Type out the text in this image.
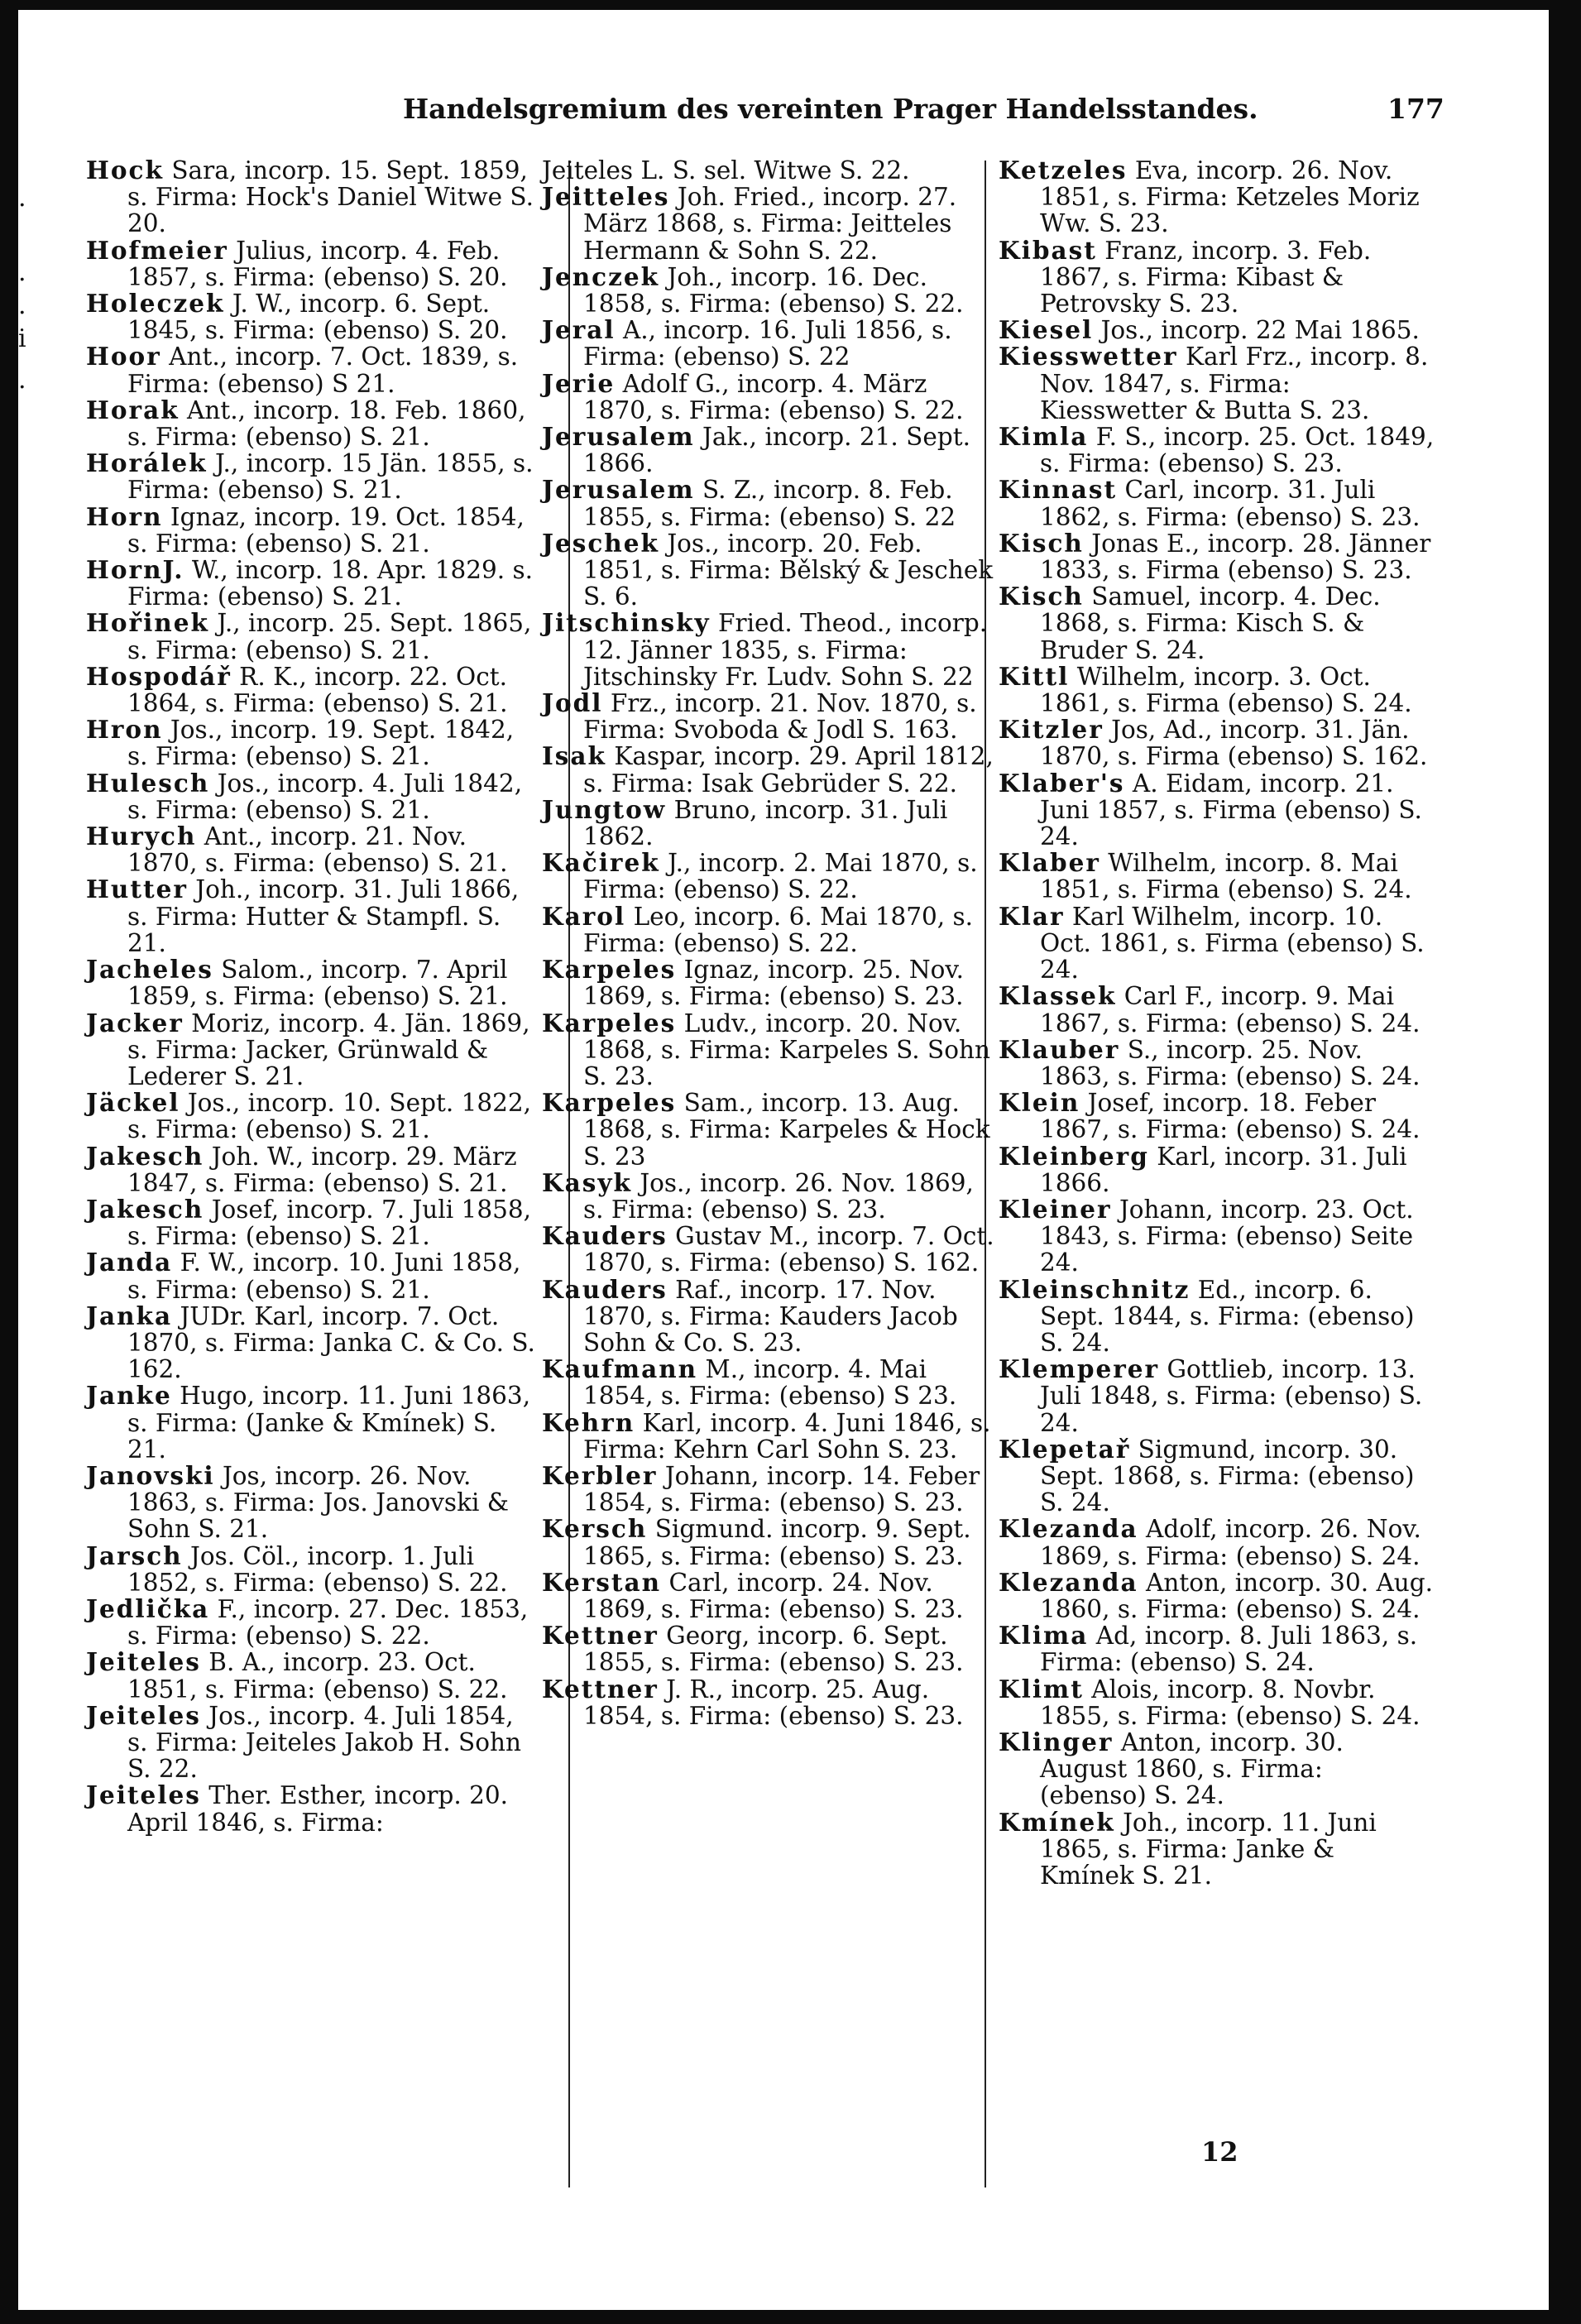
.
.
.
i
.
Handelsgremium des vereinten Prager Handelsstandes.	177

Hock Sara, incorp. 15. Sept. 1859, s. Firma: Hock's Daniel Witwe S. 20.

Hofmeier Julius, incorp. 4. Feb. 1857, s. Firma: (ebenso) S. 20.

Holeczek J. W., incorp. 6. Sept. 1845, s. Firma: (ebenso) S. 20.

Hoor Ant., incorp. 7. Oct. 1839, s. Firma: (ebenso) S 21.

Horak Ant., incorp. 18. Feb. 1860, s. Firma: (ebenso) S. 21.

Horálek J., incorp. 15 Jän. 1855, s. Firma: (ebenso) S. 21.

Horn Ignaz, incorp. 19. Oct. 1854, s. Firma: (ebenso) S. 21.

HornJ. W., incorp. 18. Apr. 1829. s. Firma: (ebenso) S. 21.

Hořinek J., incorp. 25. Sept. 1865, s. Firma: (ebenso) S. 21.

Hospodář R. K., incorp. 22. Oct. 1864, s. Firma: (ebenso) S. 21.

Hron Jos., incorp. 19. Sept. 1842, s. Firma: (ebenso) S. 21.

Hulesch Jos., incorp. 4. Juli 1842, s. Firma: (ebenso) S. 21.

Hurych Ant., incorp. 21. Nov. 1870, s. Firma: (ebenso) S. 21.

Hutter Joh., incorp. 31. Juli 1866, s. Firma: Hutter & Stampfl. S. 21.

Jacheles Salom., incorp. 7. April 1859, s. Firma: (ebenso) S. 21.

Jacker Moriz, incorp. 4. Jän. 1869, s. Firma: Jacker, Grünwald & Lederer S. 21.

Jäckel Jos., incorp. 10. Sept. 1822, s. Firma: (ebenso) S. 21.

Jakesch Joh. W., incorp. 29. März 1847, s. Firma: (ebenso) S. 21.

Jakesch Josef, incorp. 7. Juli 1858, s. Firma: (ebenso) S. 21.

Janda F. W., incorp. 10. Juni 1858, s. Firma: (ebenso) S. 21.

Janka JUDr. Karl, incorp. 7. Oct. 1870, s. Firma: Janka C. & Co. S. 162.

Janke Hugo, incorp. 11. Juni 1863, s. Firma: (Janke & Kmínek) S. 21.

Janovski Jos, incorp. 26. Nov. 1863, s. Firma: Jos. Janovski & Sohn S. 21.

Jarsch Jos. Cöl., incorp. 1. Juli 1852, s. Firma: (ebenso) S. 22.

Jedlička F., incorp. 27. Dec. 1853, s. Firma: (ebenso) S. 22.

Jeiteles B. A., incorp. 23. Oct. 1851, s. Firma: (ebenso) S. 22.

Jeiteles Jos., incorp. 4. Juli 1854, s. Firma: Jeiteles Jakob H. Sohn S. 22.

Jeiteles Ther. Esther, incorp. 20. April 1846, s. Firma:

Jeiteles L. S. sel. Witwe S. 22.

Jeitteles Joh. Fried., incorp. 27. März 1868, s. Firma: Jeitteles Hermann & Sohn S. 22.

Jenczek Joh., incorp. 16. Dec. 1858, s. Firma: (ebenso) S. 22.

Jeral A., incorp. 16. Juli 1856, s. Firma: (ebenso) S. 22

Jerie Adolf G., incorp. 4. März 1870, s. Firma: (ebenso) S. 22.

Jerusalem Jak., incorp. 21. Sept. 1866.

Jerusalem S. Z., incorp. 8. Feb. 1855, s. Firma: (ebenso) S. 22

Jeschek Jos., incorp. 20. Feb. 1851, s. Firma: Bělský & Jeschek S. 6.

Jitschinsky Fried. Theod., incorp. 12. Jänner 1835, s. Firma: Jitschinsky Fr. Ludv. Sohn S. 22

Jodl Frz., incorp. 21. Nov. 1870, s. Firma: Svoboda & Jodl S. 163.

Isak Kaspar, incorp. 29. April 1812, s. Firma: Isak Gebrüder S. 22.

Jungtow Bruno, incorp. 31. Juli 1862.

Kačirek J., incorp. 2. Mai 1870, s. Firma: (ebenso) S. 22.

Karol Leo, incorp. 6. Mai 1870, s. Firma: (ebenso) S. 22.

Karpeles Ignaz, incorp. 25. Nov. 1869, s. Firma: (ebenso) S. 23.

Karpeles Ludv., incorp. 20. Nov. 1868, s. Firma: Karpeles S. Sohn S. 23.

Karpeles Sam., incorp. 13. Aug. 1868, s. Firma: Karpeles & Hock S. 23

Kasyk Jos., incorp. 26. Nov. 1869, s. Firma: (ebenso) S. 23.

Kauders Gustav M., incorp. 7. Oct. 1870, s. Firma: (ebenso) S. 162.

Kauders Raf., incorp. 17. Nov. 1870, s. Firma: Kauders Jacob Sohn & Co. S. 23.

Kaufmann M., incorp. 4. Mai 1854, s. Firma: (ebenso) S 23.

Kehrn Karl, incorp. 4. Juni 1846, s. Firma: Kehrn Carl Sohn S. 23.

Kerbler Johann, incorp. 14. Feber 1854, s. Firma: (ebenso) S. 23.

Kersch Sigmund. incorp. 9. Sept. 1865, s. Firma: (ebenso) S. 23.

Kerstan Carl, incorp. 24. Nov. 1869, s. Firma: (ebenso) S. 23.

Kettner Georg, incorp. 6. Sept. 1855, s. Firma: (ebenso) S. 23.

Kettner J. R., incorp. 25. Aug. 1854, s. Firma: (ebenso) S. 23.

Ketzeles Eva, incorp. 26. Nov. 1851, s. Firma: Ketzeles Moriz Ww. S. 23.

Kibast Franz, incorp. 3. Feb. 1867, s. Firma: Kibast & Petrovsky S. 23.

Kiesel Jos., incorp. 22 Mai 1865.

Kiesswetter Karl Frz., incorp. 8. Nov. 1847, s. Firma: Kiesswetter & Butta S. 23.

Kimla F. S., incorp. 25. Oct. 1849, s. Firma: (ebenso) S. 23.

Kinnast Carl, incorp. 31. Juli 1862, s. Firma: (ebenso) S. 23.

Kisch Jonas E., incorp. 28. Jänner 1833, s. Firma (ebenso) S. 23.

Kisch Samuel, incorp. 4. Dec. 1868, s. Firma: Kisch S. & Bruder S. 24.

Kittl Wilhelm, incorp. 3. Oct. 1861, s. Firma (ebenso) S. 24.

Kitzler Jos, Ad., incorp. 31. Jän. 1870, s. Firma (ebenso) S. 162.

Klaber's A. Eidam, incorp. 21. Juni 1857, s. Firma (ebenso) S. 24.

Klaber Wilhelm, incorp. 8. Mai 1851, s. Firma (ebenso) S. 24.

Klar Karl Wilhelm, incorp. 10. Oct. 1861, s. Firma (ebenso) S. 24.

Klassek Carl F., incorp. 9. Mai 1867, s. Firma: (ebenso) S. 24.

Klauber S., incorp. 25. Nov. 1863, s. Firma: (ebenso) S. 24.

Klein Josef, incorp. 18. Feber 1867, s. Firma: (ebenso) S. 24.

Kleinberg Karl, incorp. 31. Juli 1866.

Kleiner Johann, incorp. 23. Oct. 1843, s. Firma: (ebenso) Seite 24.

Kleinschnitz Ed., incorp. 6. Sept. 1844, s. Firma: (ebenso) S. 24.

Klemperer Gottlieb, incorp. 13. Juli 1848, s. Firma: (ebenso) S. 24.

Klepetař Sigmund, incorp. 30. Sept. 1868, s. Firma: (ebenso) S. 24.

Klezanda Adolf, incorp. 26. Nov. 1869, s. Firma: (ebenso) S. 24.

Klezanda Anton, incorp. 30. Aug. 1860, s. Firma: (ebenso) S. 24.

Klima Ad, incorp. 8. Juli 1863, s. Firma: (ebenso) S. 24.

Klimt Alois, incorp. 8. Novbr. 1855, s. Firma: (ebenso) S. 24.

Klinger Anton, incorp. 30. August 1860, s. Firma: (ebenso) S. 24.

Kmínek Joh., incorp. 11. Juni 1865, s. Firma: Janke & Kmínek S. 21.

12
